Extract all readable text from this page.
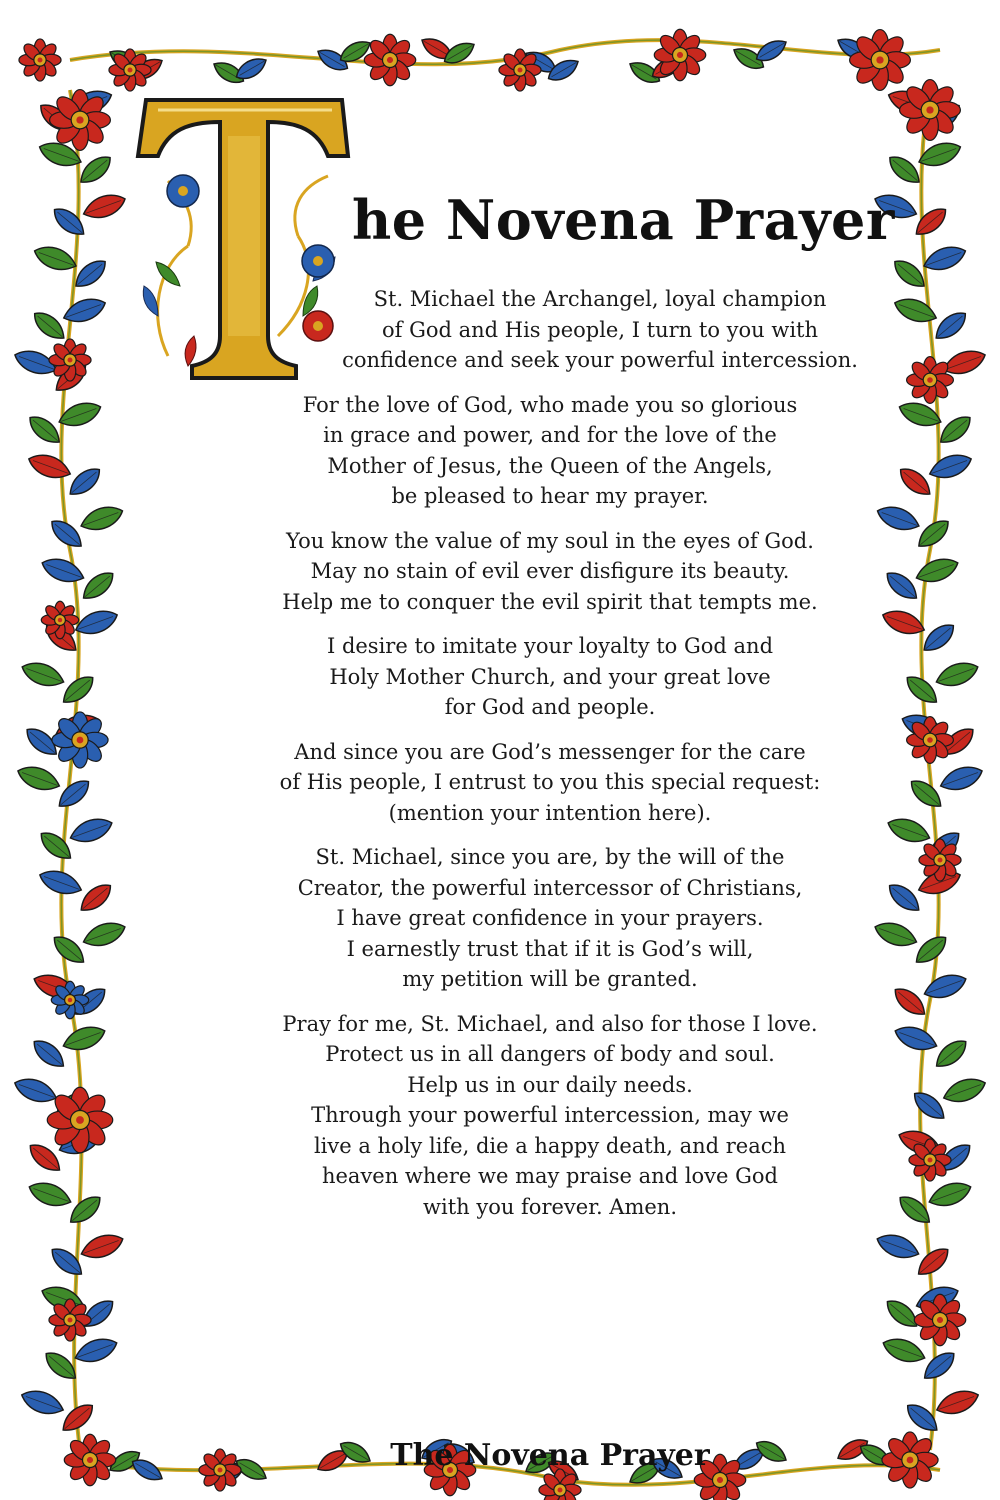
he Novena Prayer
St. Michael the Archangel, loyal champion
of God and His people, I turn to you with
confidence and seek your powerful intercession.
For the love of God, who made you so glorious
in grace and power, and for the love of the
Mother of Jesus, the Queen of the Angels,
be pleased to hear my prayer.
You know the value of my soul in the eyes of God.
May no stain of evil ever disfigure its beauty.
Help me to conquer the evil spirit that tempts me.
I desire to imitate your loyalty to God and
Holy Mother Church, and your great love
for God and people.
And since you are God’s messenger for the care
of His people, I entrust to you this special request:
(mention your intention here).
St. Michael, since you are, by the will of the
Creator, the powerful intercessor of Christians,
I have great confidence in your prayers.
I earnestly trust that if it is God’s will,
my petition will be granted.
Pray for me, St. Michael, and also for those I love.
Protect us in all dangers of body and soul.
Help us in our daily needs.
Through your powerful intercession, may we
live a holy life, die a happy death, and reach
heaven where we may praise and love God
with you forever. Amen.
The Novena Prayer
